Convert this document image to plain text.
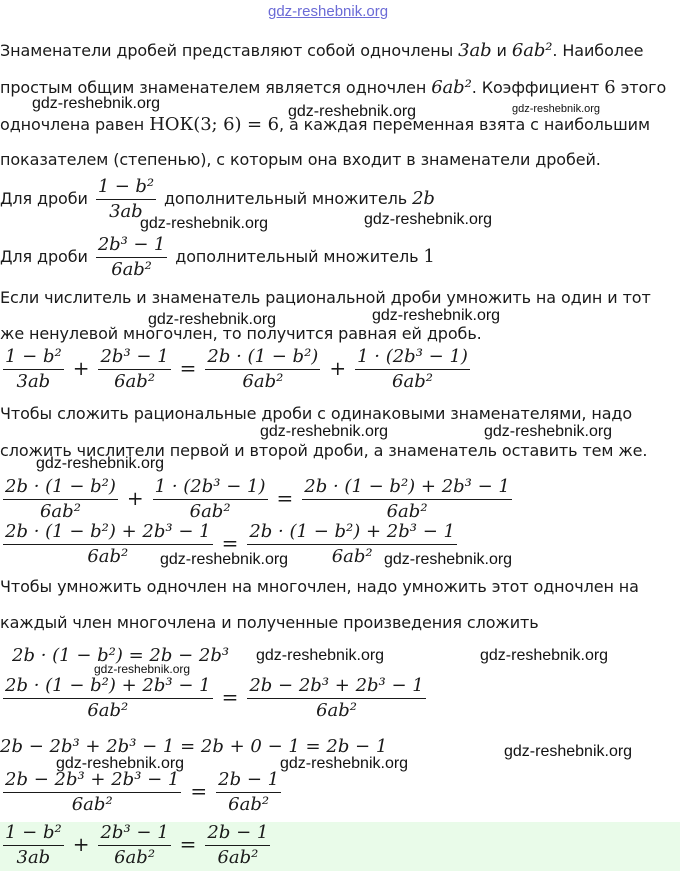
gdz-reshebnik.org
Знаменатели дробей представляют собой одночлены 3ab и 6ab². Наиболее
простым общим знаменателем является одночлен 6ab². Коэффициент 6 этого
одночлена равен НОК(3; 6) = 6, а каждая переменная взята с наибольшим
показателем (степенью), с которым она входит в знаменатели дробей.
Для дроби $\frac{\text{1 − b²}}{3ab}$ дополнительный множитель 2b
Для дроби $\frac{\text{2b³ − 1}}{\text{6ab²}}$ дополнительный множитель 1
Если числитель и знаменатель рациональной дроби умножить на один и тот
же ненулевой многочлен, то получится равная ей дробь.
$\frac{\text{1 − b²}}{3ab} + \frac{\text{2b³ − 1}}{\text{6ab²}} = \frac{\text{2b · (1 − b²)}}{\text{6ab²}} + \frac{\text{1 · (2b³ − 1)}}{\text{6ab²}}$
Чтобы сложить рациональные дроби с одинаковыми знаменателями, надо
сложить числители первой и второй дроби, а знаменатель оставить тем же.
$\frac{\text{2b · (1 − b²)}}{\text{6ab²}} + \frac{\text{1 · (2b³ − 1)}}{\text{6ab²}} = \frac{\text{2b · (1 − b²) + 2b³ − 1}}{\text{6ab²}}$
$\frac{\text{2b · (1 − b²) + 2b³ − 1}}{\text{6ab²}} = \frac{\text{2b · (1 − b²) + 2b³ − 1}}{\text{6ab²}}$
Чтобы умножить одночлен на многочлен, надо умножить этот одночлен на
каждый член многочлена и полученные произведения сложить
2b · (1 − b²) = 2b − 2b³
$\frac{\text{2b · (1 − b²) + 2b³ − 1}}{\text{6ab²}} = \frac{\text{2b − 2b³ + 2b³ − 1}}{\text{6ab²}}$
2b − 2b³ + 2b³ − 1 = 2b + 0 − 1 = 2b − 1
$\frac{\text{2b − 2b³ + 2b³ − 1}}{\text{6ab²}} = \frac{2b - 1}{\text{6ab²}}$
$\frac{\text{1 − b²}}{3ab} + \frac{\text{2b³ − 1}}{\text{6ab²}} = \frac{2b - 1}{\text{6ab²}}$
gdz-reshebnik.org	gdz-reshebnik.org	gdz-reshebnik.org
gdz-reshebnik.org	gdz-reshebnik.org
gdz-reshebnik.org	gdz-reshebnik.org
gdz-reshebnik.org	gdz-reshebnik.org
gdz-reshebnik.org
gdz-reshebnik.org	gdz-reshebnik.org
gdz-reshebnik.org	gdz-reshebnik.org
gdz-reshebnik.org
gdz-reshebnik.org
gdz-reshebnik.org	gdz-reshebnik.org
